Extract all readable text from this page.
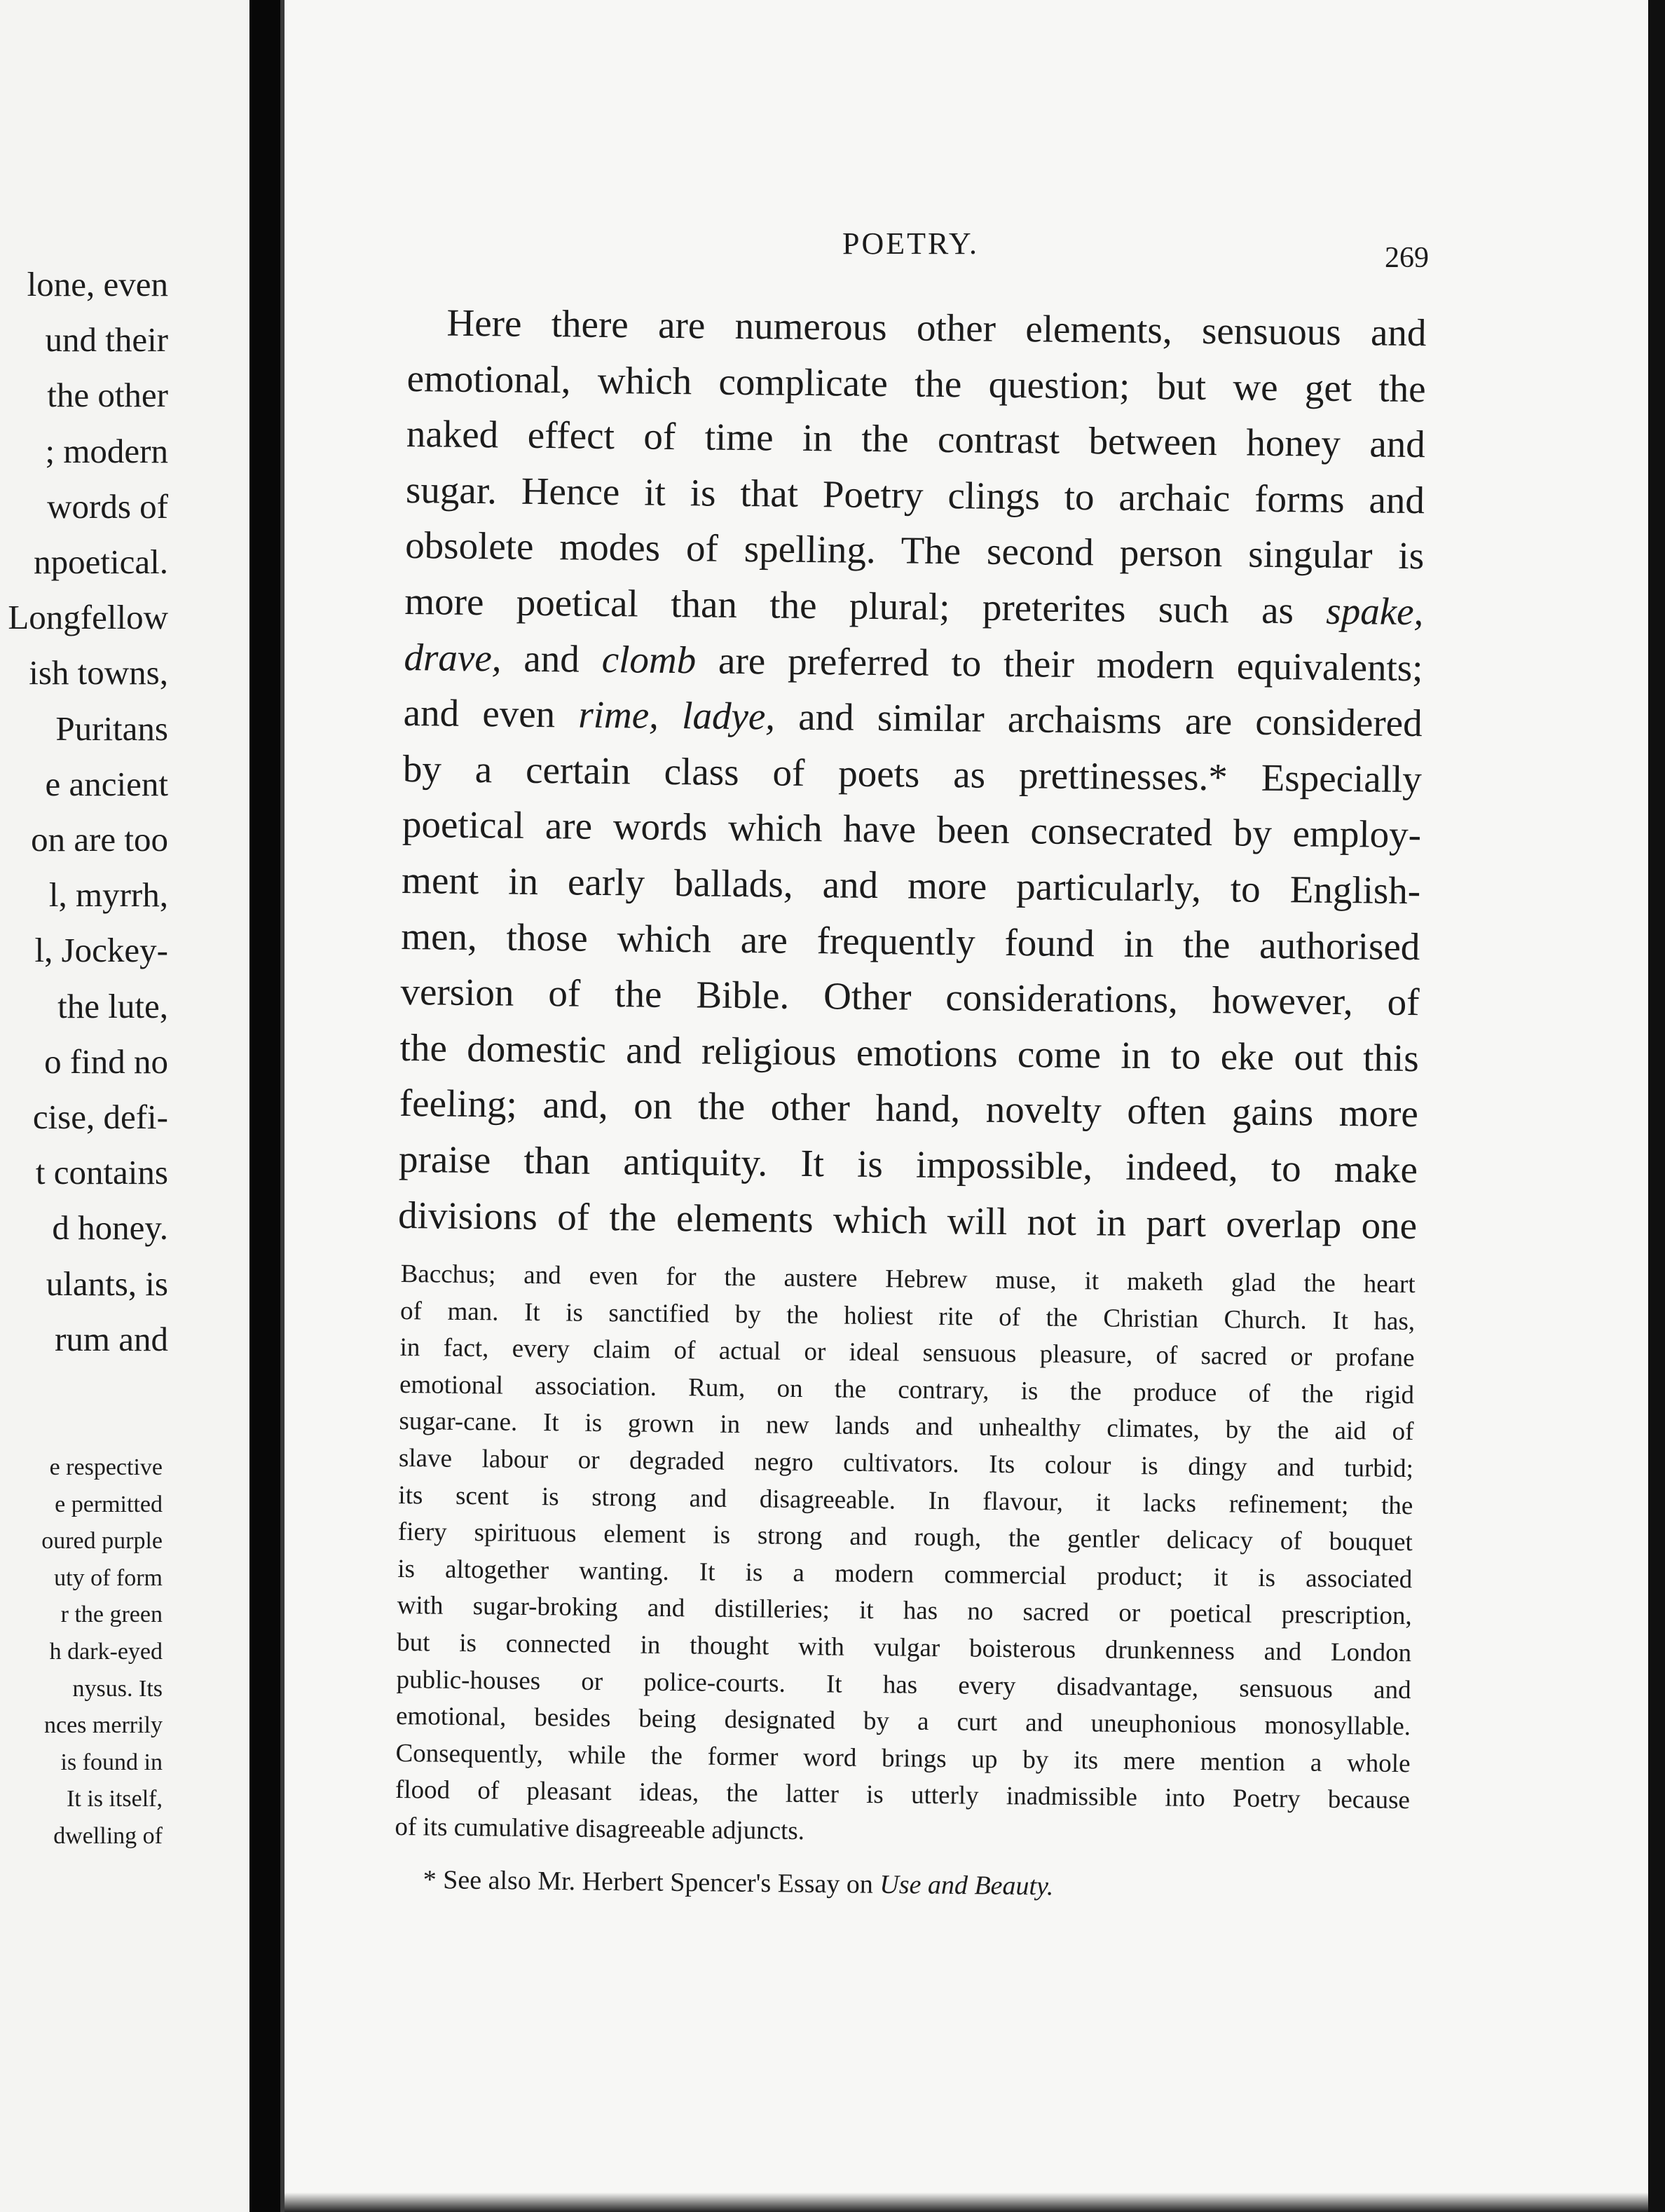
lone, even
und their
the other
; modern
words of
npoetical.
Longfellow
ish towns,
Puritans
e ancient
on are too
l, myrrh,
l, Jockey-
the lute,
o find no
cise, defi-
t contains
d honey.
ulants, is
rum and
e respective
e permitted
oured purple
uty of form
r the green
h dark-eyed
nysus. Its
nces merrily
is found in
It is itself,
dwelling of
POETRY.	269
Here there are numerous other elements, sensuous and
emotional, which complicate the question; but we get the
naked effect of time in the contrast between honey and
sugar. Hence it is that Poetry clings to archaic forms and
obsolete modes of spelling. The second person singular is
more poetical than the plural; preterites such as spake,
drave, and clomb are preferred to their modern equivalents;
and even rime, ladye, and similar archaisms are considered
by a certain class of poets as prettinesses.* Especially
poetical are words which have been consecrated by employ-
ment in early ballads, and more particularly, to English-
men, those which are frequently found in the authorised
version of the Bible. Other considerations, however, of
the domestic and religious emotions come in to eke out this
feeling; and, on the other hand, novelty often gains more
praise than antiquity. It is impossible, indeed, to make
divisions of the elements which will not in part overlap one
Bacchus; and even for the austere Hebrew muse, it maketh glad the heart
of man. It is sanctified by the holiest rite of the Christian Church. It has,
in fact, every claim of actual or ideal sensuous pleasure, of sacred or profane
emotional association. Rum, on the contrary, is the produce of the rigid
sugar-cane. It is grown in new lands and unhealthy climates, by the aid of
slave labour or degraded negro cultivators. Its colour is dingy and turbid;
its scent is strong and disagreeable. In flavour, it lacks refinement; the
fiery spirituous element is strong and rough, the gentler delicacy of bouquet
is altogether wanting. It is a modern commercial product; it is associated
with sugar-broking and distilleries; it has no sacred or poetical prescription,
but is connected in thought with vulgar boisterous drunkenness and London
public-houses or police-courts. It has every disadvantage, sensuous and
emotional, besides being designated by a curt and uneuphonious monosyllable.
Consequently, while the former word brings up by its mere mention a whole
flood of pleasant ideas, the latter is utterly inadmissible into Poetry because
of its cumulative disagreeable adjuncts.
* See also Mr. Herbert Spencer's Essay on Use and Beauty.
